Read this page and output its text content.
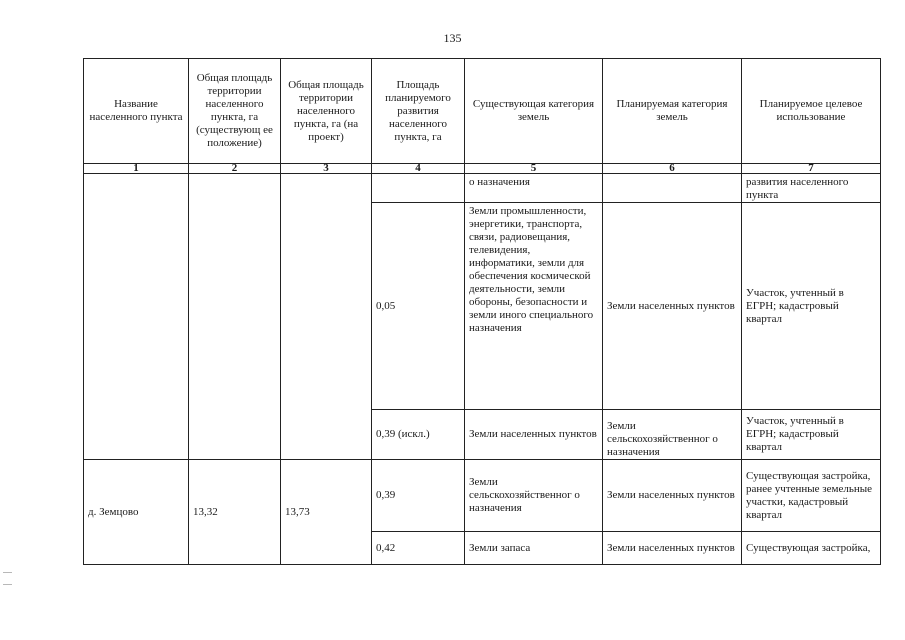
135
Название населенного пункта	Общая площадь территории населенного пункта, га (существующ ее положение)	Общая площадь территории населенного пункта, га (на проект)	Площадь планируемого развития населенного пункта, га	Существующая категория земель	Планируемая категория земель	Планируемое целевое использование
1	2	3	4	5	6	7
				о назначения		развития населенного пункта
			0,05	Земли промышленности, энергетики, транспорта, связи, радиовещания, телевидения, информатики, земли для обеспечения космической деятельности, земли обороны, безопасности и земли иного специального назначения	Земли населенных пунктов	Участок, учтенный в ЕГРН; кадастровый квартал
			0,39 (искл.)	Земли населенных пунктов	Земли сельскохозяйственног о назначения	Участок, учтенный в ЕГРН; кадастровый квартал
д. Земцово	13,32	13,73	0,39	Земли сельскохозяйственног о назначения	Земли населенных пунктов	Существующая застройка, ранее учтенные земельные участки, кадастровый квартал
			0,42	Земли запаса	Земли населенных пунктов	Существующая застройка,
